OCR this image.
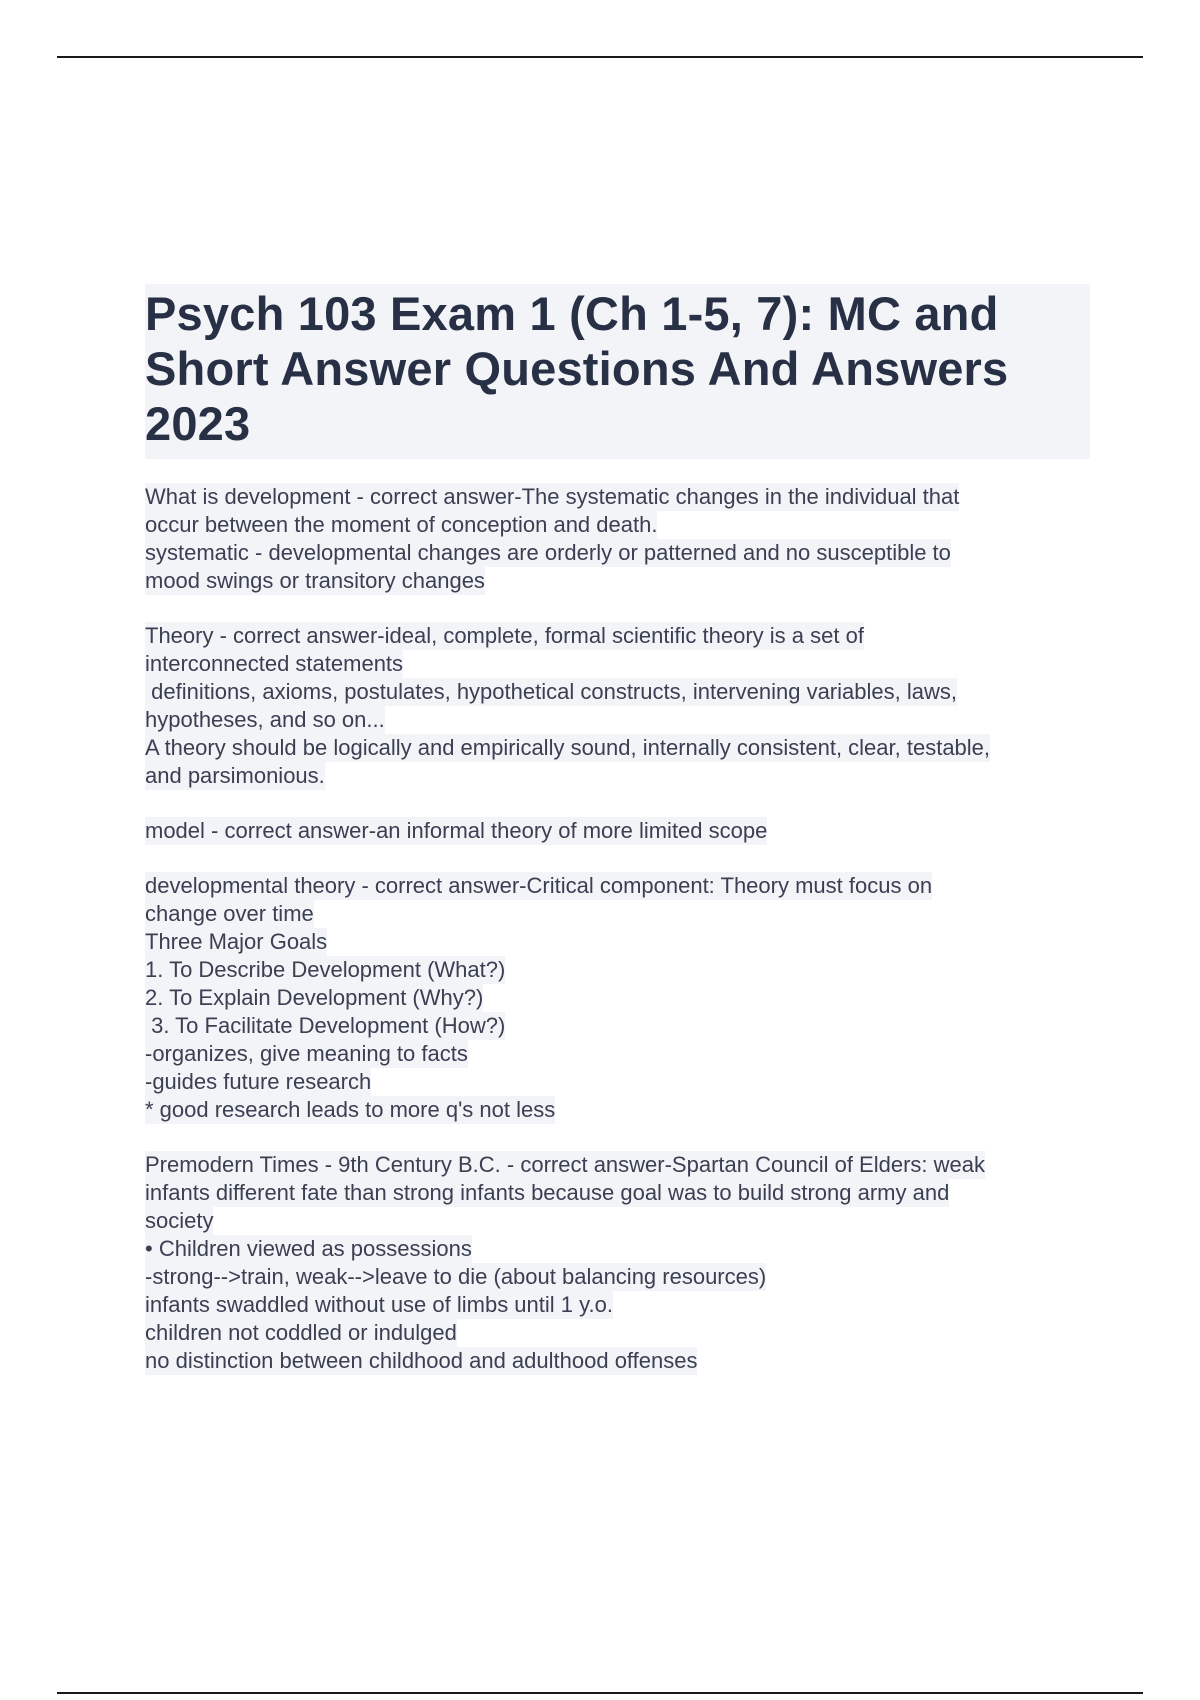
Psych 103 Exam 1 (Ch 1-5, 7): MC and Short Answer Questions And Answers 2023
What is development - correct answer-The systematic changes in the individual that
occur between the moment of conception and death.
systematic - developmental changes are orderly or patterned and no susceptible to
mood swings or transitory changes
Theory - correct answer-ideal, complete, formal scientific theory is a set of
interconnected statements
definitions, axioms, postulates, hypothetical constructs, intervening variables, laws,
hypotheses, and so on...
A theory should be logically and empirically sound, internally consistent, clear, testable,
and parsimonious.
model - correct answer-an informal theory of more limited scope
developmental theory - correct answer-Critical component: Theory must focus on
change over time
Three Major Goals
1. To Describe Development (What?)
2. To Explain Development (Why?)
3. To Facilitate Development (How?)
-organizes, give meaning to facts
-guides future research
* good research leads to more q's not less
Premodern Times - 9th Century B.C. - correct answer-Spartan Council of Elders: weak
infants different fate than strong infants because goal was to build strong army and
society
• Children viewed as possessions
-strong-->train, weak-->leave to die (about balancing resources)
infants swaddled without use of limbs until 1 y.o.
children not coddled or indulged
no distinction between childhood and adulthood offenses
